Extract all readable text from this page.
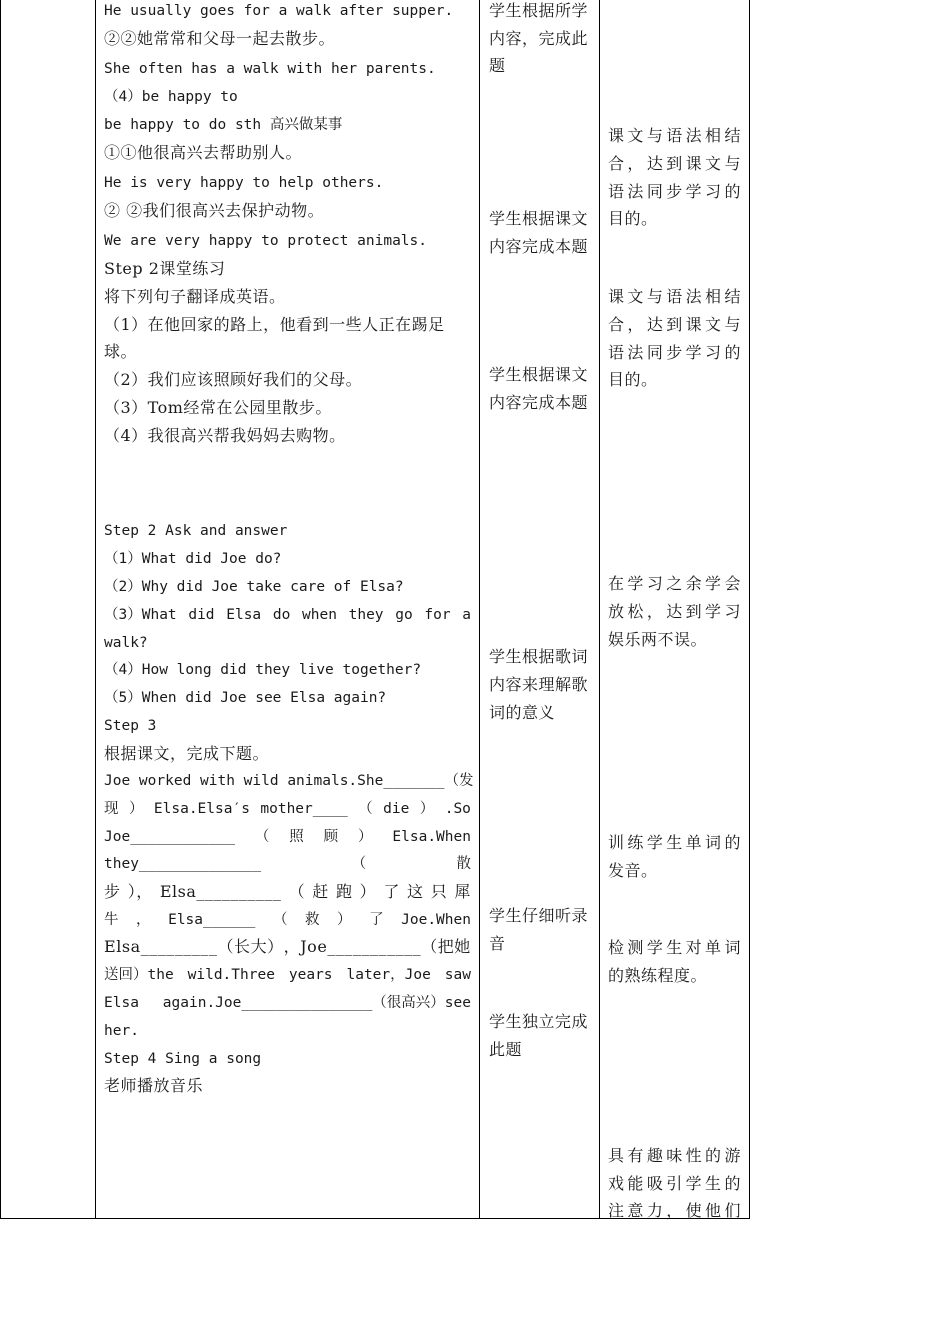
He usually goes for a walk after supper.
②②她常常和父母一起去散步。
She often has a walk with her parents.
（4）be happy to
be happy to do sth 高兴做某事
①①他很高兴去帮助别人。
He is very happy to help others.
② ②我们很高兴去保护动物。
We are very happy to protect animals.
Step 2课堂练习
将下列句子翻译成英语。
（1）在他回家的路上，他看到一些人正在踢足
球。
（2）我们应该照顾好我们的父母。
（3）Tom经常在公园里散步。
（4）我很高兴帮我妈妈去购物。
Step 2 Ask and answer
（1）What did Joe do?
（2）Why did Joe take care of Elsa?
（3）What did Elsa do when they go for a
walk?
（4）How long did they live together?
（5）When did Joe see Elsa again?
Step 3
根据课文，完成下题。
Joe worked with wild animals.She_______（发
现 ） Elsa.Elsa′s mother____ （ die ） .So
Joe____________ （ 照 顾 ） Elsa.When
they______________	（	散
步 ）， Elsa__________ （ 赶 跑 ） 了 这 只 犀
牛 ， Elsa______ （ 救 ） 了 Joe.When
E l s a _ _ _ _ _ _ _ _ _ （ 长 大 ） ， J o e _ _ _ _ _ _ _ _ _ _ _ （ 把 她
送回）the wild.Three years later，Joe saw
Elsa again.Joe_______________（很高兴）see
her.
Step 4 Sing a song
老师播放音乐
学生根据所学
内容，完成此
题
学生根据课文
内容完成本题
学生根据课文
内容完成本题
学生根据歌词
内容来理解歌
词的意义
学生仔细听录
音
学生独立完成
此题
课 文 与 语 法 相 结
合 ， 达 到 课 文 与
语 法 同 步 学 习 的
目的。
课 文 与 语 法 相 结
合 ， 达 到 课 文 与
语 法 同 步 学 习 的
目的。
在 学 习 之 余 学 会
放 松 ， 达 到 学 习
娱乐两不误。
训 练 学 生 单 词 的
发音。
检 测 学 生 对 单 词
的熟练程度。
具 有 趣 味 性 的 游
戏 能 吸 引 学 生 的
注 意 力 ， 使 他 们
